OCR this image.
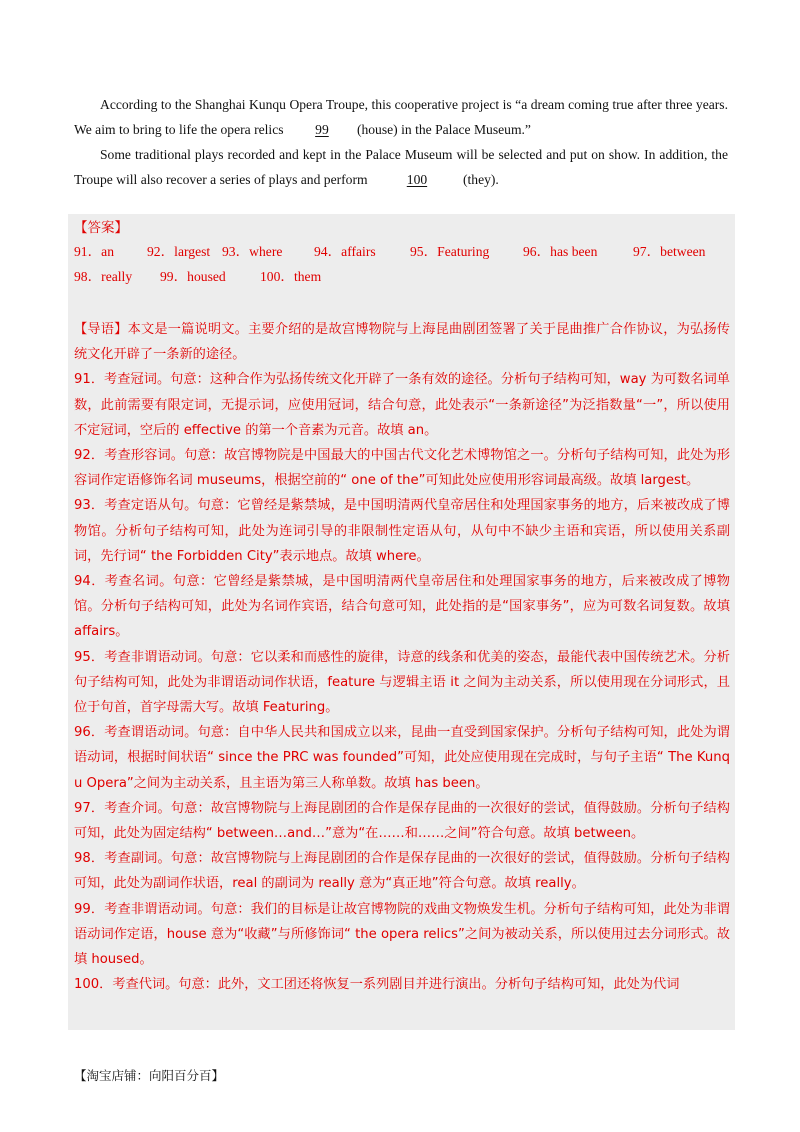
According to the Shanghai Kunqu Opera Troupe, this cooperative project is “a dream coming true after three years. We aim to bring to life the opera relics 99 (house) in the Palace Museum.”

Some traditional plays recorded and kept in the Palace Museum will be selected and put on show. In addition, the Troupe will also recover a series of plays and perform	100	(they).

【答案】
91．an 92．largest 93．where 94．affairs	95．Featuring 96．has been	97．between
98．really 99．housed	100．them

【导语】本文是一篇说明文。主要介绍的是故宫博物院与上海昆曲剧团签署了关于昆曲推广合作协议，为弘扬传统文化开辟了一条新的途径。

91．考查冠词。句意：这种合作为弘扬传统文化开辟了一条有效的途径。分析句子结构可知，way 为可数名词单数，此前需要有限定词，无提示词，应使用冠词，结合句意，此处表示“一条新途径”为泛指数量“一”，所以使用不定冠词，空后的 effective 的第一个音素为元音。故填 an。

92．考查形容词。句意：故宫博物院是中国最大的中国古代文化艺术博物馆之一。分析句子结构可知，此处为形容词作定语修饰名词 museums，根据空前的“ one of the”可知此处应使用形容词最高级。故填 largest。

93．考查定语从句。句意：它曾经是紫禁城，是中国明清两代皇帝居住和处理国家事务的地方，后来被改成了博物馆。分析句子结构可知，此处为连词引导的非限制性定语从句，从句中不缺少主语和宾语，所以使用关系副词，先行词“ the Forbidden City”表示地点。故填 where。

94．考查名词。句意：它曾经是紫禁城，是中国明清两代皇帝居住和处理国家事务的地方，后来被改成了博物馆。分析句子结构可知，此处为名词作宾语，结合句意可知，此处指的是“国家事务”，应为可数名词复数。故填 affairs。

95．考查非谓语动词。句意：它以柔和而感性的旋律，诗意的线条和优美的姿态，最能代表中国传统艺术。分析句子结构可知，此处为非谓语动词作状语，feature 与逻辑主语 it 之间为主动关系，所以使用现在分词形式，且位于句首，首字母需大写。故填 Featuring。

96．考查谓语动词。句意：自中华人民共和国成立以来，昆曲一直受到国家保护。分析句子结构可知，此处为谓语动词，根据时间状语“ since the PRC was founded”可知，此处应使用现在完成时，与句子主语“ The Kunqu Opera”之间为主动关系，且主语为第三人称单数。故填 has been。

97．考查介词。句意：故宫博物院与上海昆剧团的合作是保存昆曲的一次很好的尝试，值得鼓励。分析句子结构可知，此处为固定结构“ between…and…”意为“在……和……之间”符合句意。故填 between。

98．考查副词。句意：故宫博物院与上海昆剧团的合作是保存昆曲的一次很好的尝试，值得鼓励。分析句子结构可知，此处为副词作状语，real 的副词为 really 意为“真正地”符合句意。故填 really。

99．考查非谓语动词。句意：我们的目标是让故宫博物院的戏曲文物焕发生机。分析句子结构可知，此处为非谓语动词作定语，house 意为“收藏”与所修饰词“ the opera relics”之间为被动关系，所以使用过去分词形式。故填 housed。

100．考查代词。句意：此外，文工团还将恢复一系列剧目并进行演出。分析句子结构可知，此处为代词

【淘宝店铺：向阳百分百】
